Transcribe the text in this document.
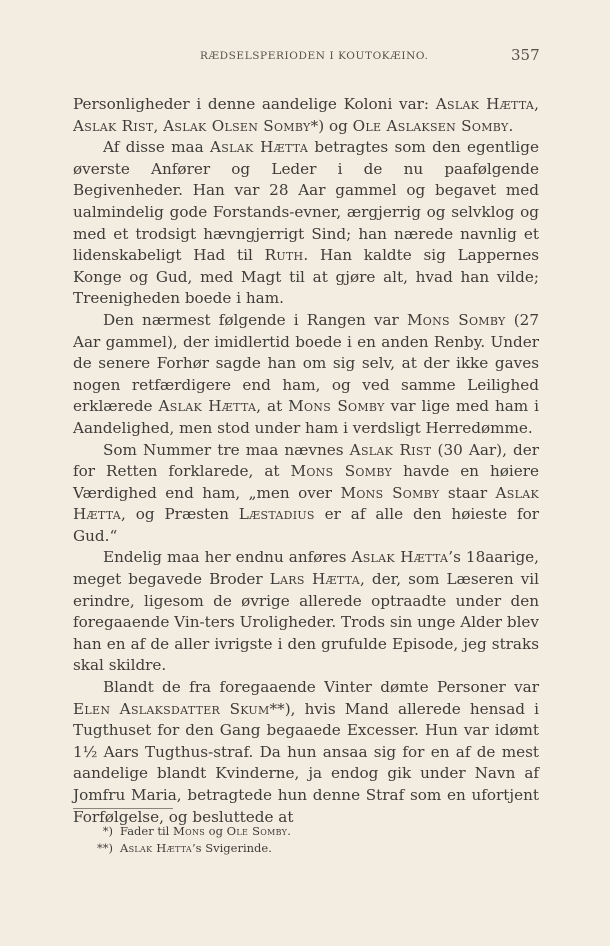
RÆDSELSPERIODEN I KOUTOKÆINO.	357

Personligheder i denne aandelige Koloni var: Aslak Hætta, Aslak Rist, Aslak Olsen Somby*) og Ole Aslaksen Somby.

Af disse maa Aslak Hætta betragtes som den egentlige øverste Anfører og Leder i de nu paafølgende Begivenheder. Han var 28 Aar gammel og begavet med ualmindelig gode Forstands-evner, ærgjerrig og selvklog og med et trodsigt hævngjerrigt Sind; han nærede navnlig et lidenskabeligt Had til Ruth. Han kaldte sig Lappernes Konge og Gud, med Magt til at gjøre alt, hvad han vilde; Treenigheden boede i ham.

Den nærmest følgende i Rangen var Mons Somby (27 Aar gammel), der imidlertid boede i en anden Renby. Under de senere Forhør sagde han om sig selv, at der ikke gaves nogen retfærdigere end ham, og ved samme Leilighed erklærede Aslak Hætta, at Mons Somby var lige med ham i Aandelighed, men stod under ham i verdsligt Herredømme.

Som Nummer tre maa nævnes Aslak Rist (30 Aar), der for Retten forklarede, at Mons Somby havde en høiere Værdighed end ham, „men over Mons Somby staar Aslak Hætta, og Præsten Læstadius er af alle den høieste for Gud.“

Endelig maa her endnu anføres Aslak Hætta’s 18aarige, meget begavede Broder Lars Hætta, der, som Læseren vil erindre, ligesom de øvrige allerede optraadte under den foregaaende Vin-ters Uroligheder. Trods sin unge Alder blev han en af de aller ivrigste i den grufulde Episode, jeg straks skal skildre.

Blandt de fra foregaaende Vinter dømte Personer var Elen Aslaksdatter Skum**), hvis Mand allerede hensad i Tugthuset for den Gang begaaede Excesser. Hun var idømt 1½ Aars Tugthus-straf. Da hun ansaa sig for en af de mest aandelige blandt Kvinderne, ja endog gik under Navn af Jomfru Maria, betragtede hun denne Straf som en ufortjent Forfølgelse, og besluttede at

*) Fader til Mons og Ole Somby.
**) Aslak Hætta’s Svigerinde.
